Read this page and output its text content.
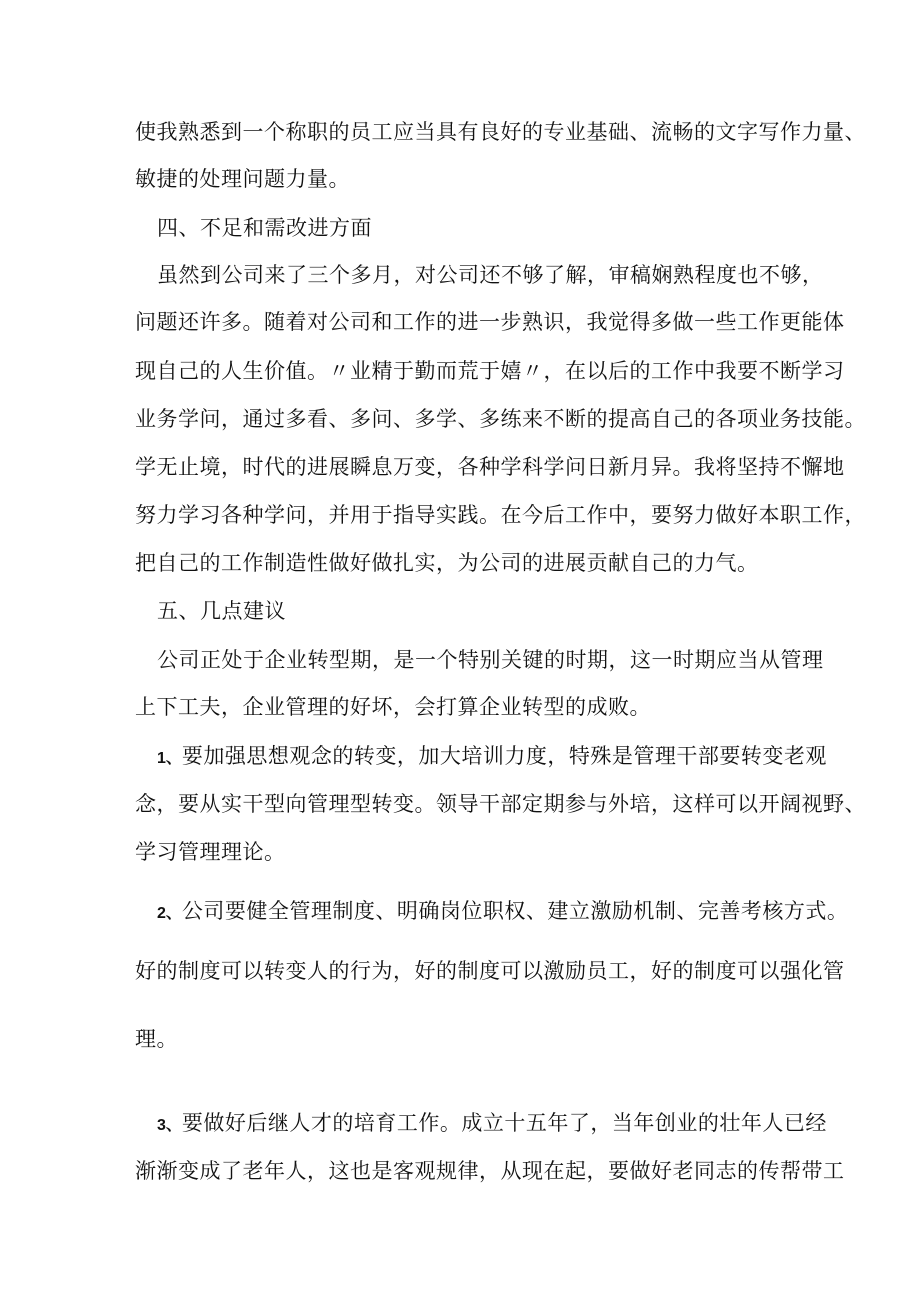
使我熟悉到一个称职的员工应当具有良好的专业基础、流畅的文字写作力量、
敏捷的处理问题力量。
四、不足和需改进方面
虽然到公司来了三个多月，对公司还不够了解，审稿娴熟程度也不够，
问题还许多。随着对公司和工作的进一步熟识，我觉得多做一些工作更能体
现自己的人生价值。〃业精于勤而荒于嬉〃，在以后的工作中我要不断学习
业务学问，通过多看、多问、多学、多练来不断的提高自己的各项业务技能。
学无止境，时代的进展瞬息万变，各种学科学问日新月异。我将坚持不懈地
努力学习各种学问，并用于指导实践。在今后工作中，要努力做好本职工作，
把自己的工作制造性做好做扎实，为公司的进展贡献自己的力气。
五、几点建议
公司正处于企业转型期，是一个特别关键的时期，这一时期应当从管理
上下工夫，企业管理的好坏，会打算企业转型的成败。
1、要加强思想观念的转变，加大培训力度，特殊是管理干部要转变老观
念，要从实干型向管理型转变。领导干部定期参与外培，这样可以开阔视野、
学习管理理论。
2、公司要健全管理制度、明确岗位职权、建立激励机制、完善考核方式。
好的制度可以转变人的行为，好的制度可以激励员工，好的制度可以强化管
理。
3、要做好后继人才的培育工作。成立十五年了，当年创业的壮年人已经
渐渐变成了老年人，这也是客观规律，从现在起，要做好老同志的传帮带工
